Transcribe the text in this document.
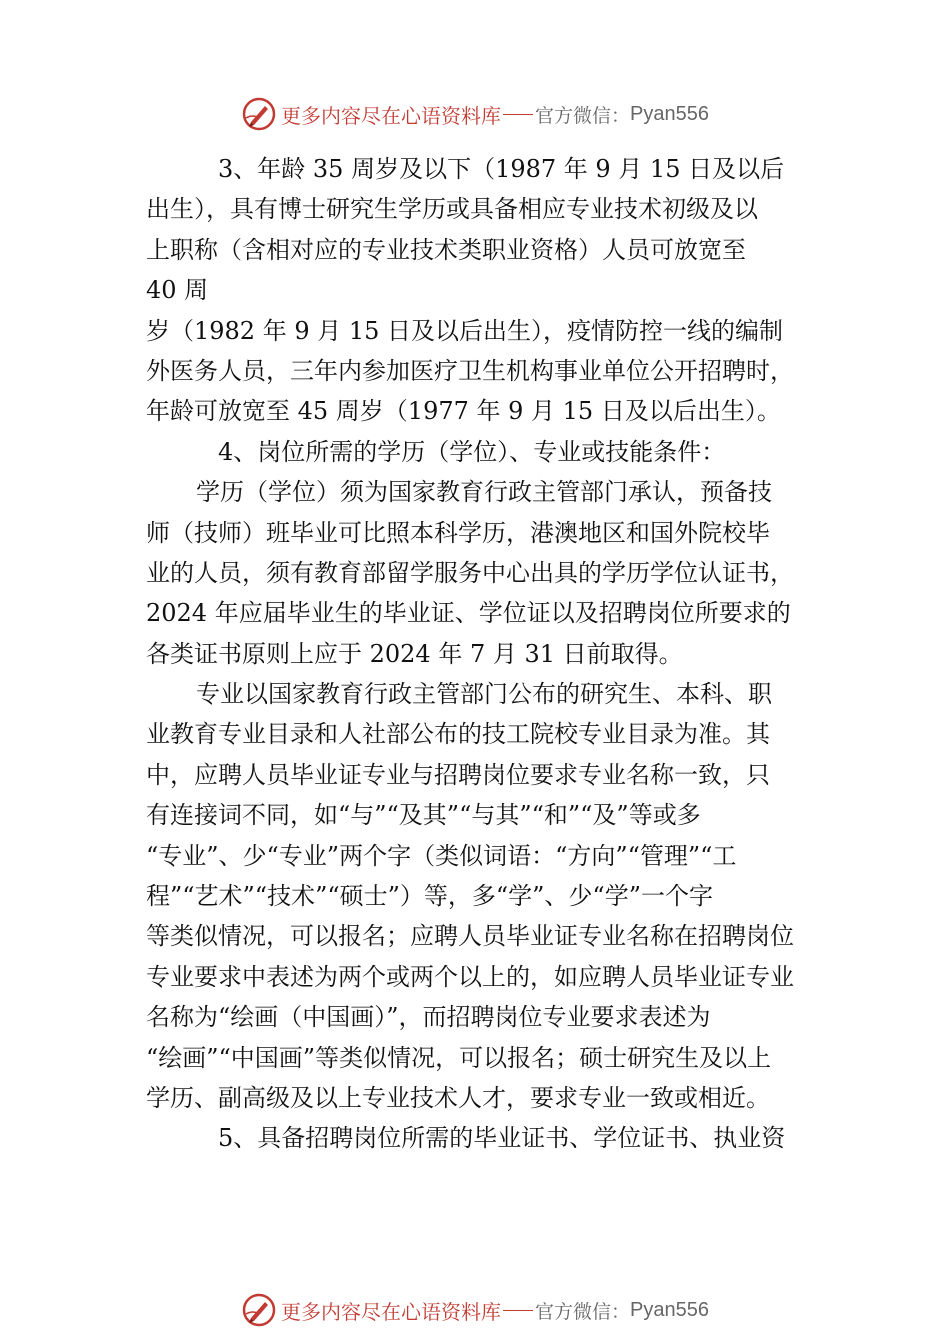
更多内容尽在心语资料库 官方微信： Pyan556
3、年龄 35 周岁及以下（1987 年 9 月 15 日及以后
出生），具有博士研究生学历或具备相应专业技术初级及以
上职称（含相对应的专业技术类职业资格）人员可放宽至
40 周
岁（1982 年 9 月 15 日及以后出生），疫情防控一线的编制
外医务人员，三年内参加医疗卫生机构事业单位公开招聘时，
年龄可放宽至 45 周岁（1977 年 9 月 15 日及以后出生）。
4、岗位所需的学历（学位）、专业或技能条件：
学历（学位）须为国家教育行政主管部门承认，预备技
师（技师）班毕业可比照本科学历，港澳地区和国外院校毕
业的人员，须有教育部留学服务中心出具的学历学位认证书，
2024 年应届毕业生的毕业证、学位证以及招聘岗位所要求的
各类证书原则上应于 2024 年 7 月 31 日前取得。
专业以国家教育行政主管部门公布的研究生、本科、职
业教育专业目录和人社部公布的技工院校专业目录为准。其
中，应聘人员毕业证专业与招聘岗位要求专业名称一致，只
有连接词不同，如“与”“及其”“与其”“和”“及”等或多
“专业”、少“专业”两个字（类似词语：“方向”“管理”“工
程”“艺术”“技术”“硕士”）等，多“学”、少“学”一个字
等类似情况，可以报名；应聘人员毕业证专业名称在招聘岗位
专业要求中表述为两个或两个以上的，如应聘人员毕业证专业
名称为“绘画（中国画）”，而招聘岗位专业要求表述为
“绘画”“中国画”等类似情况，可以报名；硕士研究生及以上
学历、副高级及以上专业技术人才，要求专业一致或相近。
5、具备招聘岗位所需的毕业证书、学位证书、执业资
更多内容尽在心语资料库 官方微信： Pyan556
